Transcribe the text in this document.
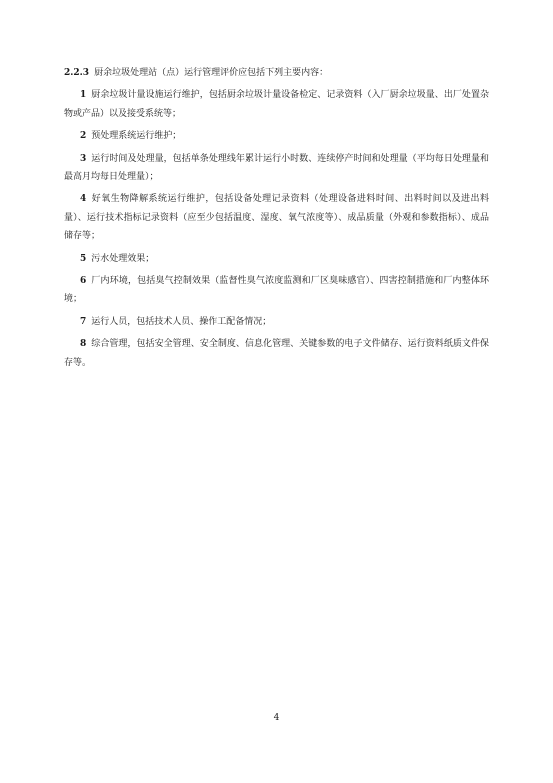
2.2.3 厨余垃圾处理站（点）运行管理评价应包括下列主要内容：

1 厨余垃圾计量设施运行维护，包括厨余垃圾计量设备检定、记录资料（入厂厨余垃圾量、出厂处置杂物或产品）以及接受系统等；

2 预处理系统运行维护；

3 运行时间及处理量，包括单条处理线年累计运行小时数、连续停产时间和处理量（平均每日处理量和最高月均每日处理量）；

4 好氧生物降解系统运行维护，包括设备处理记录资料（处理设备进料时间、出料时间以及进出料量）、运行技术指标记录资料（应至少包括温度、湿度、氧气浓度等）、成品质量（外观和参数指标）、成品储存等；

5 污水处理效果；

6 厂内环境，包括臭气控制效果（监督性臭气浓度监测和厂区臭味感官）、四害控制措施和厂内整体环境；

7 运行人员，包括技术人员、操作工配备情况；

8 综合管理，包括安全管理、安全制度、信息化管理、关键参数的电子文件储存、运行资料纸质文件保存等。

4
